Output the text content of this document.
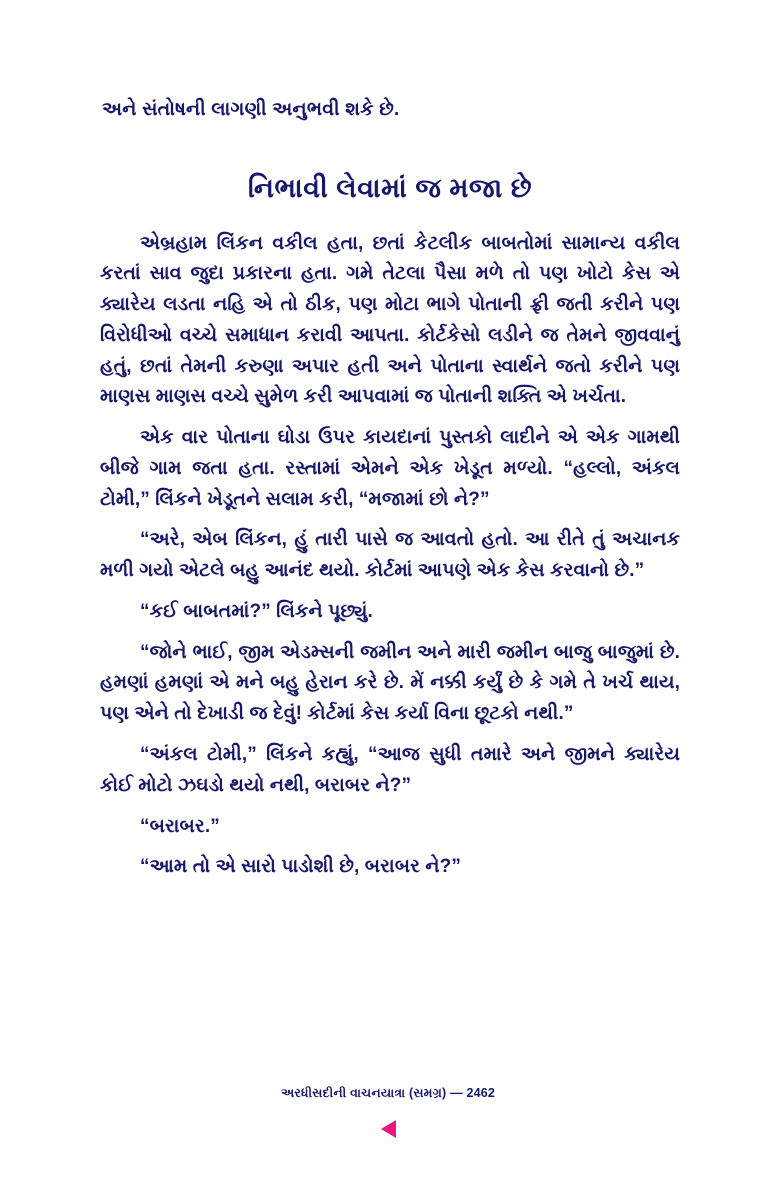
અને સંતોષની લાગણી અનુભવી શકે છે.
નિભાવી લેવામાં જ મજા છે

એબ્રહામ લિંકન વકીલ હતા, છતાં કેટલીક બાબતોમાં સામાન્ય વકીલ કરતાં સાવ જુદા પ્રકારના હતા. ગમે તેટલા પૈસા મળે તો પણ ખોટો કેસ એ ક્યારેય લડતા નહિ એ તો ઠીક, પણ મોટા ભાગે પોતાની ફ્રી જતી કરીને પણ વિરોધીઓ વચ્ચે સમાધાન કરાવી આપતા. કોર્ટકેસો લડીને જ તેમને જીવવાનું હતું, છતાં તેમની કરુણા અપાર હતી અને પોતાના સ્વાર્થને જતો કરીને પણ માણસ માણસ વચ્ચે સુમેળ કરી આપવામાં જ પોતાની શક્તિ એ ખર્ચતા.

એક વાર પોતાના ઘોડા ઉપર કાયદાનાં પુસ્તકો લાદીને એ એક ગામથી બીજે ગામ જતા હતા. રસ્તામાં એમને એક ખેડૂત મળ્યો. “હલ્લો, અંકલ ટોમી,” લિંકને ખેડૂતને સલામ કરી, “મજામાં છો ને?”

“અરે, એબ લિંકન, હું તારી પાસે જ આવતો હતો. આ રીતે તું અચાનક મળી ગયો એટલે બહુ આનંદ થયો. કોર્ટમાં આપણે એક કેસ કરવાનો છે.”

“કઈ બાબતમાં?” લિંકને પૂછ્યું.

“જોને ભાઈ, જીમ એડમ્સની જમીન અને મારી જમીન બાજુ બાજુમાં છે. હમણાં હમણાં એ મને બહુ હેરાન કરે છે. મેં નક્કી કર્યું છે કે ગમે તે ખર્ચ થાય, પણ એને તો દેખાડી જ દેવું! કોર્ટમાં કેસ કર્યા વિના છૂટકો નથી.”

“અંકલ ટોમી,” લિંકને કહ્યું, “આજ સુધી તમારે અને જીમને ક્યારેય કોઈ મોટો ઝઘડો થયો નથી, બરાબર ને?”

“બરાબર.”

“આમ તો એ સારો પાડોશી છે, બરાબર ને?”

અરધીસદીની વાચનયાત્રા (સમગ્ર) — 2462
